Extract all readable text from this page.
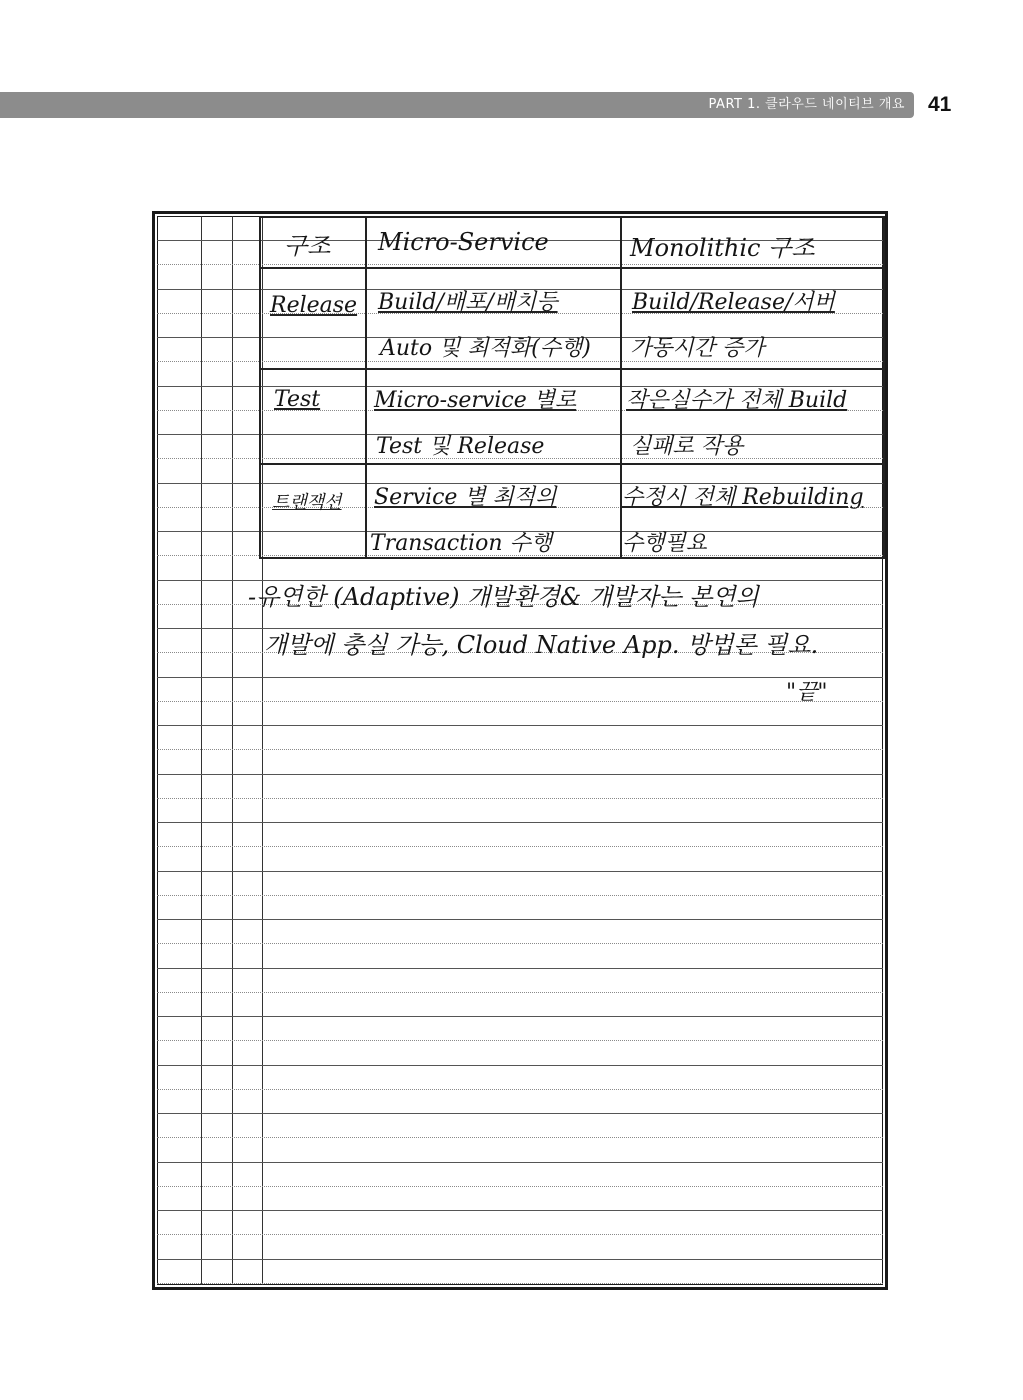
PART 1. 클라우드 네이티브 개요 41
구조 Micro-Service	Monolithic 구조
Release Build/배포/배치등
Auto 및 최적화(수행)
Build/Release/서버
가동시간 증가
Test Micro-service 별로
Test 및 Release
작은실수가 전체 Build
실패로 작용
트랜잭션 Service 별 최적의
Transaction 수행
수정시 전체 Rebuilding
수행필요
-유연한 (Adaptive) 개발환경& 개발자는 본연의
개발에 충실 가능, Cloud Native App. 방법론 필요.
"끝"
